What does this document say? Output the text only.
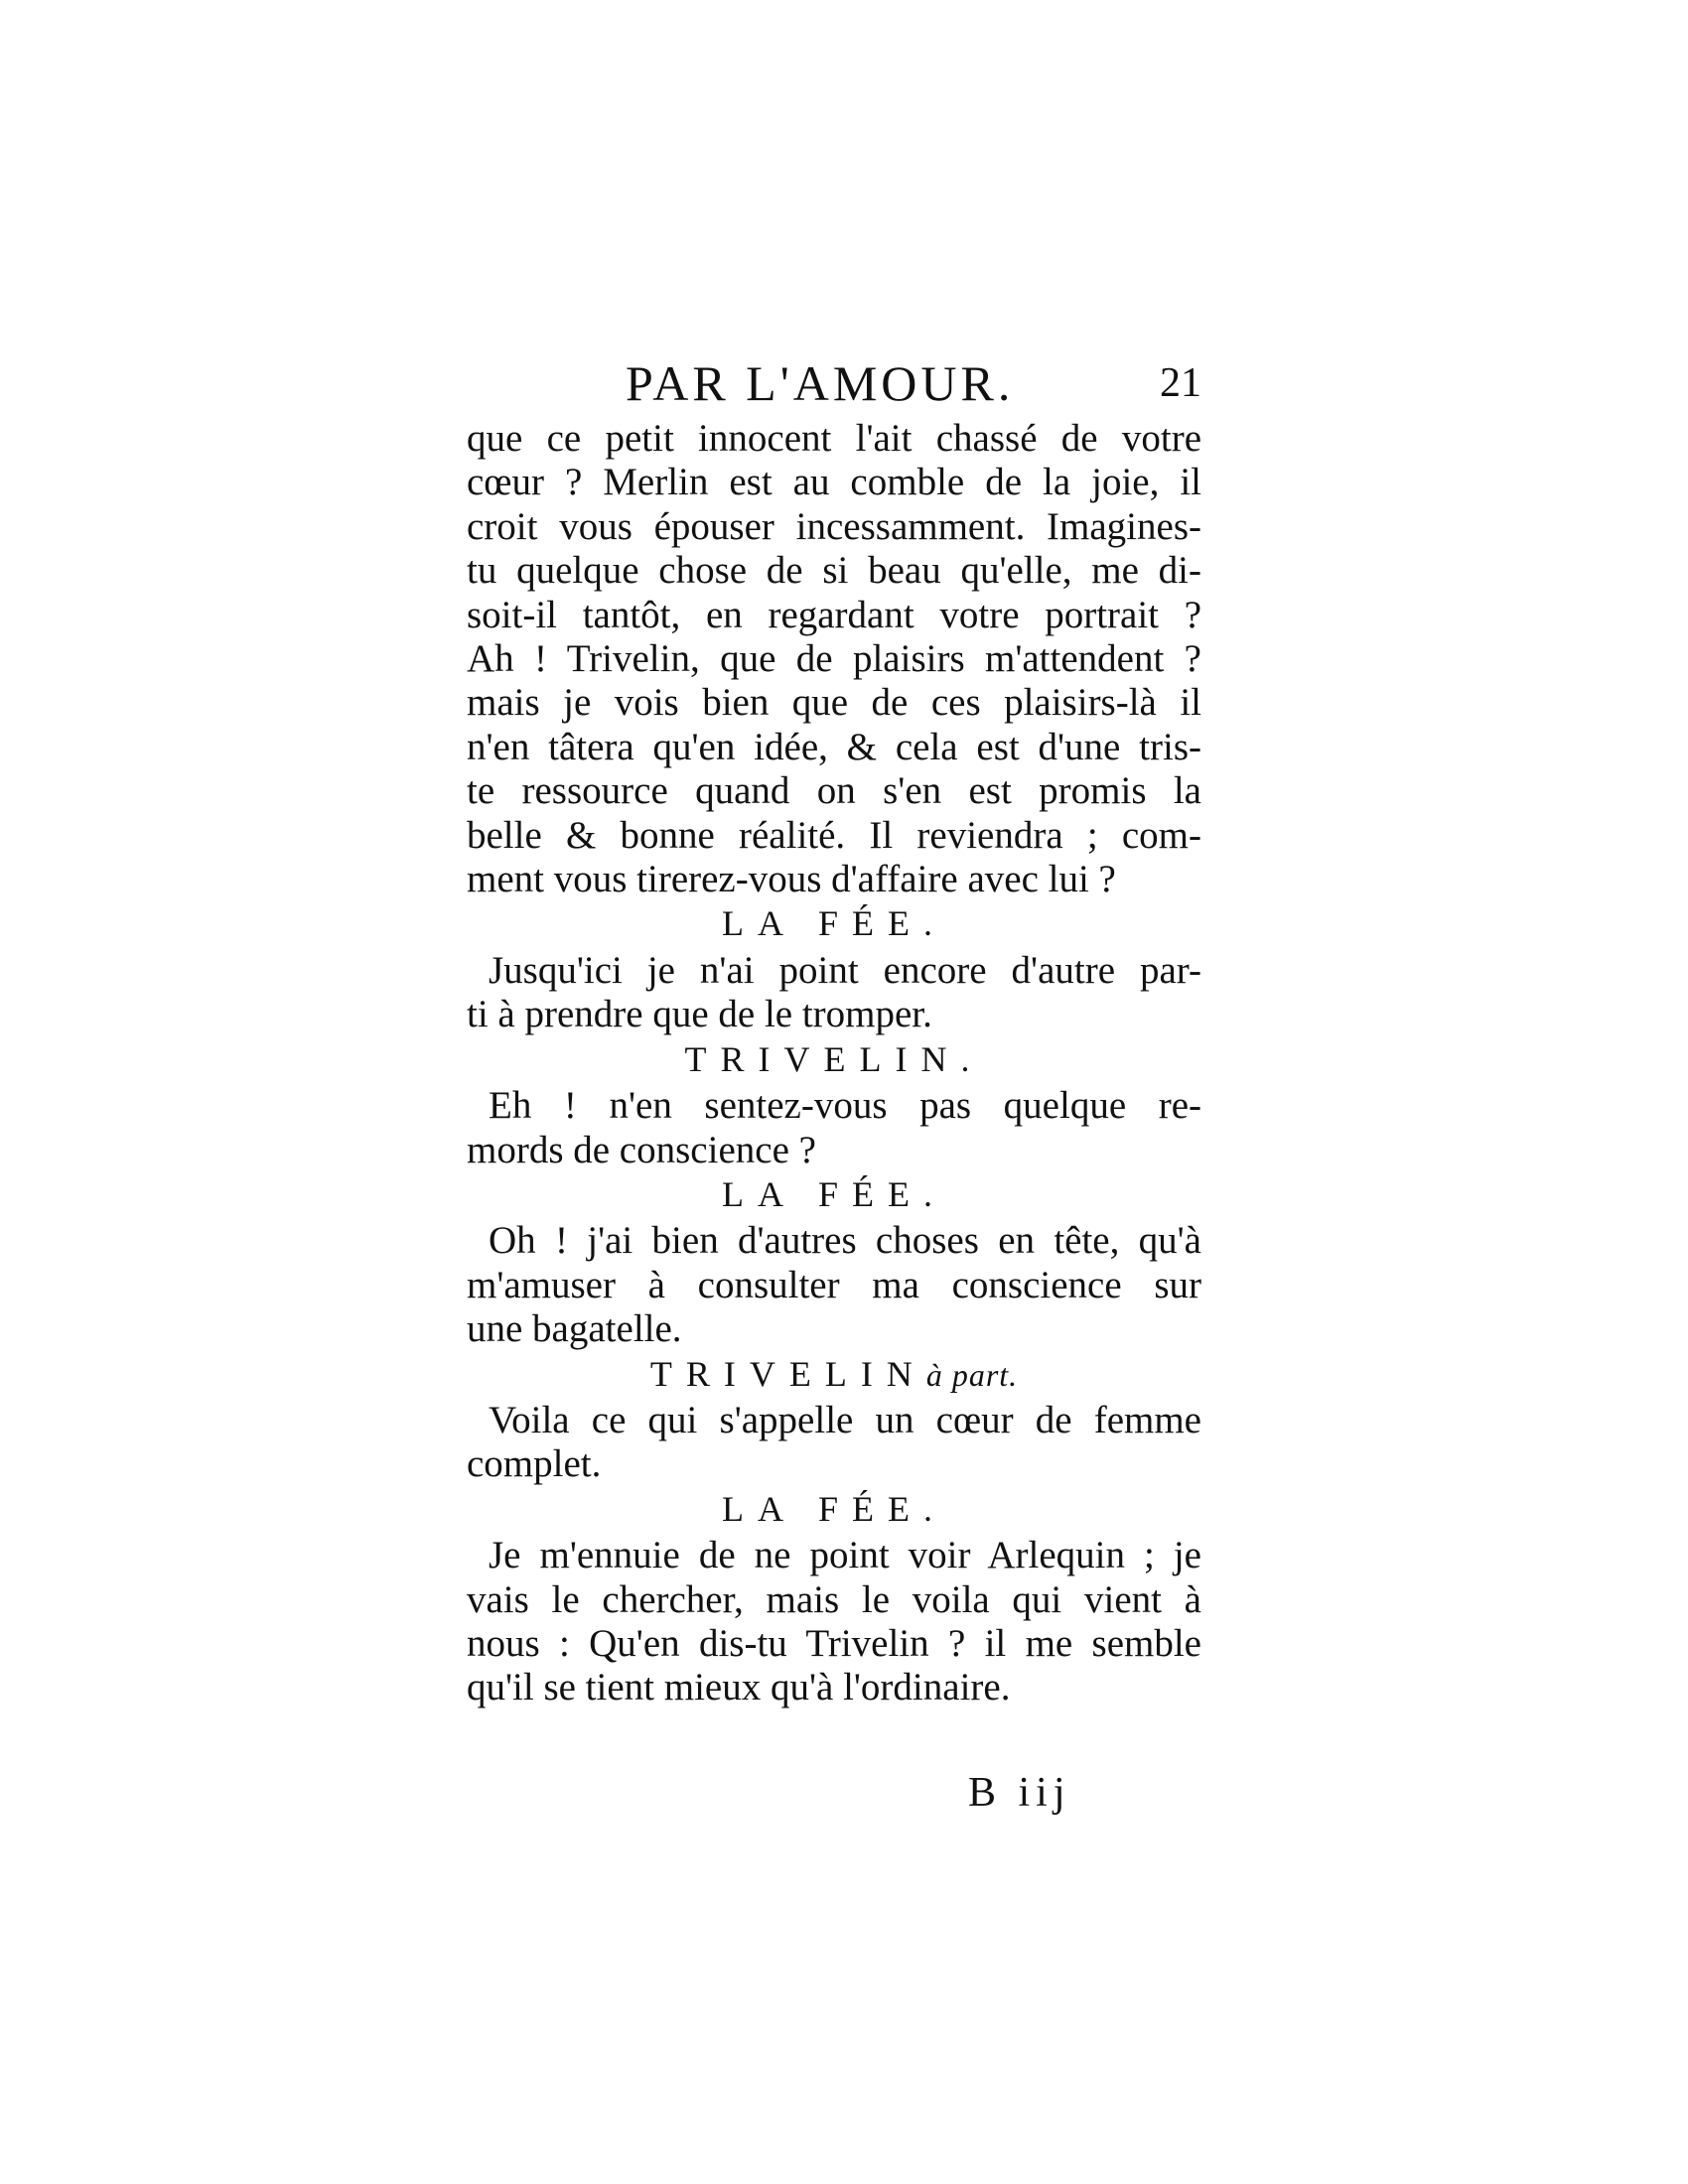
PAR L'AMOUR.	21
que ce petit innocent l'ait chassé de votre
cœur ? Merlin est au comble de la joie, il
croit vous épouser incessamment. Imagines-
tu quelque chose de si beau qu'elle, me di-
soit-il tantôt, en regardant votre portrait ?
Ah ! Trivelin, que de plaisirs m'attendent ?
mais je vois bien que de ces plaisirs-là il
n'en tâtera qu'en idée, & cela est d'une tris-
te ressource quand on s'en est promis la
belle & bonne réalité. Il reviendra ; com-
ment vous tirerez-vous d'affaire avec lui ?
LA FÉE.
Jusqu'ici je n'ai point encore d'autre par-
ti à prendre que de le tromper.
TRIVELIN.
Eh ! n'en sentez-vous pas quelque re-
mords de conscience ?
LA FÉE.
Oh ! j'ai bien d'autres choses en tête, qu'à
m'amuser à consulter ma conscience sur
une bagatelle.
TRIVELINà part.
Voila ce qui s'appelle un cœur de femme
complet.
LA FÉE.
Je m'ennuie de ne point voir Arlequin ; je
vais le chercher, mais le voila qui vient à
nous : Qu'en dis-tu Trivelin ? il me semble
qu'il se tient mieux qu'à l'ordinaire.
B iij
